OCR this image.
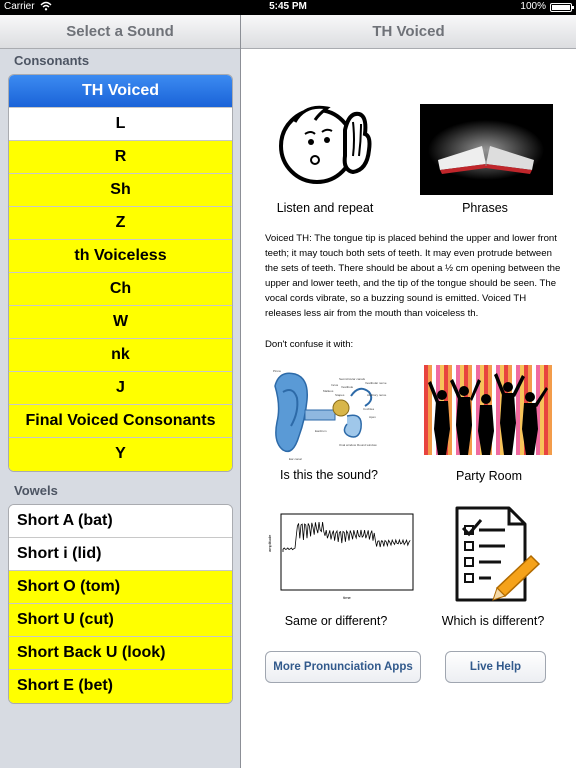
Carrier	5:45 PM	100%
Select a Sound
Consonants
TH Voiced
L
R
Sh
Z
th Voiceless
Ch
W
nk
J
Final Voiced Consonants
Y
Vowels
Short A (bat)
Short i (lid)
Short O (tom)
Short U (cut)
Short Back U (look)
Short E (bet)
TH Voiced
Listen and repeat	Phrases
Voiced TH: The tongue tip is placed behind the upper and lower front teeth; it may touch both sets of teeth. It may even protrude between the sets of teeth. There should be about a ½ cm opening between the upper and lower teeth, and the tip of the tongue should be seen. The vocal cords vibrate, so a buzzing sound is emitted. Voiced TH releases less air from the mouth than voiceless th.
Don't confuse it with:
Pinna
Semicircular canals
Vestibule
Vestibular nerve
Auditory nerve
Cochlea
Apex
Round window
Oval window
Eardrum
Ear canal
Malleus
Incus
Stapes
Is this the sound?	Party Room
amplitude
time
Same or different?	Which is different?
More Pronunciation Apps	Live Help
